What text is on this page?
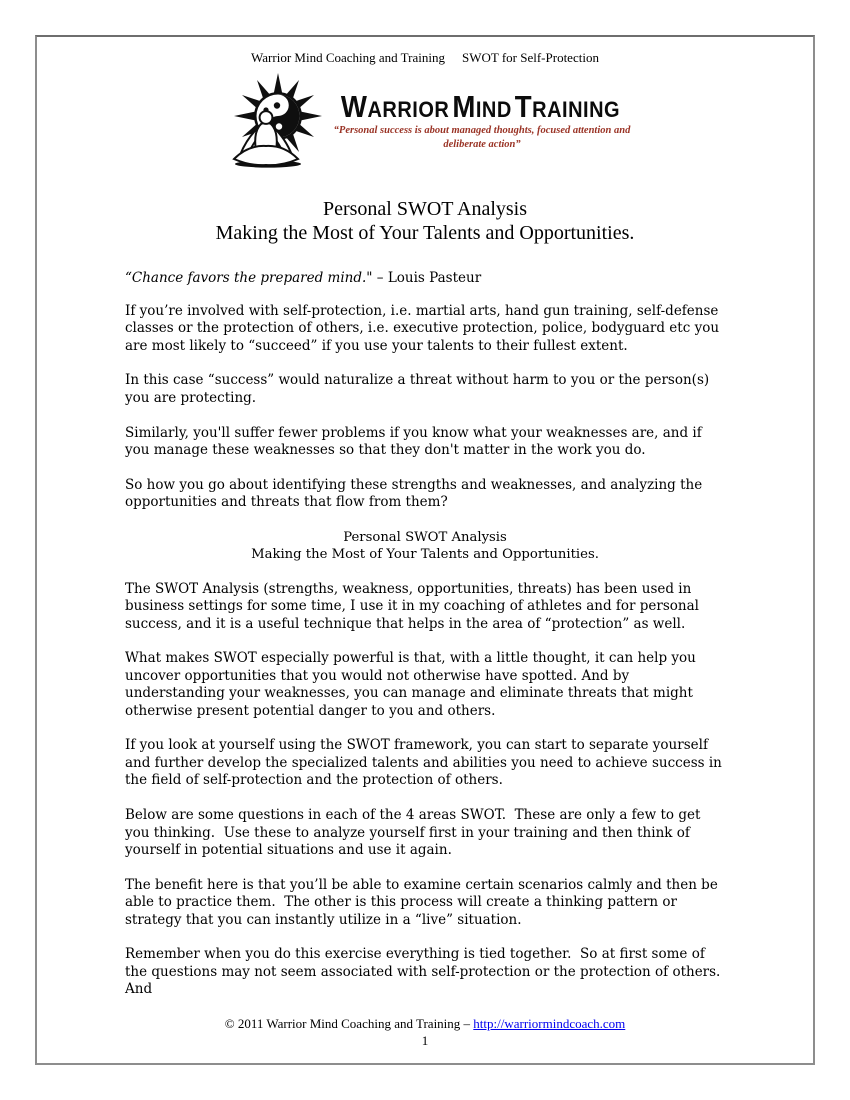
Warrior Mind Coaching and Training SWOT for Self-Protection
WARRIOR MIND TRAINING
“Personal success is about managed thoughts, focused attention and deliberate action”
Personal SWOT Analysis
Making the Most of Your Talents and Opportunities.

“Chance favors the prepared mind." – Louis Pasteur

If you’re involved with self-protection, i.e. martial arts, hand gun training, self-defense classes or the protection of others, i.e. executive protection, police, bodyguard etc you are most likely to “succeed” if you use your talents to their fullest extent.

In this case “success” would naturalize a threat without harm to you or the person(s) you are protecting.

Similarly, you'll suffer fewer problems if you know what your weaknesses are, and if you manage these weaknesses so that they don't matter in the work you do.

So how you go about identifying these strengths and weaknesses, and analyzing the opportunities and threats that flow from them?

Personal SWOT Analysis
Making the Most of Your Talents and Opportunities.

The SWOT Analysis (strengths, weakness, opportunities, threats) has been used in business settings for some time, I use it in my coaching of athletes and for personal success, and it is a useful technique that helps in the area of “protection” as well.

What makes SWOT especially powerful is that, with a little thought, it can help you uncover opportunities that you would not otherwise have spotted. And by understanding your weaknesses, you can manage and eliminate threats that might otherwise present potential danger to you and others.

If you look at yourself using the SWOT framework, you can start to separate yourself and further develop the specialized talents and abilities you need to achieve success in the field of self-protection and the protection of others.

Below are some questions in each of the 4 areas SWOT.  These are only a few to get you thinking.  Use these to analyze yourself first in your training and then think of yourself in potential situations and use it again.

The benefit here is that you’ll be able to examine certain scenarios calmly and then be able to practice them.  The other is this process will create a thinking pattern or strategy that you can instantly utilize in a “live” situation.

Remember when you do this exercise everything is tied together.  So at first some of the questions may not seem associated with self-protection or the protection of others.  And

© 2011 Warrior Mind Coaching and Training – http://warriormindcoach.com
1
